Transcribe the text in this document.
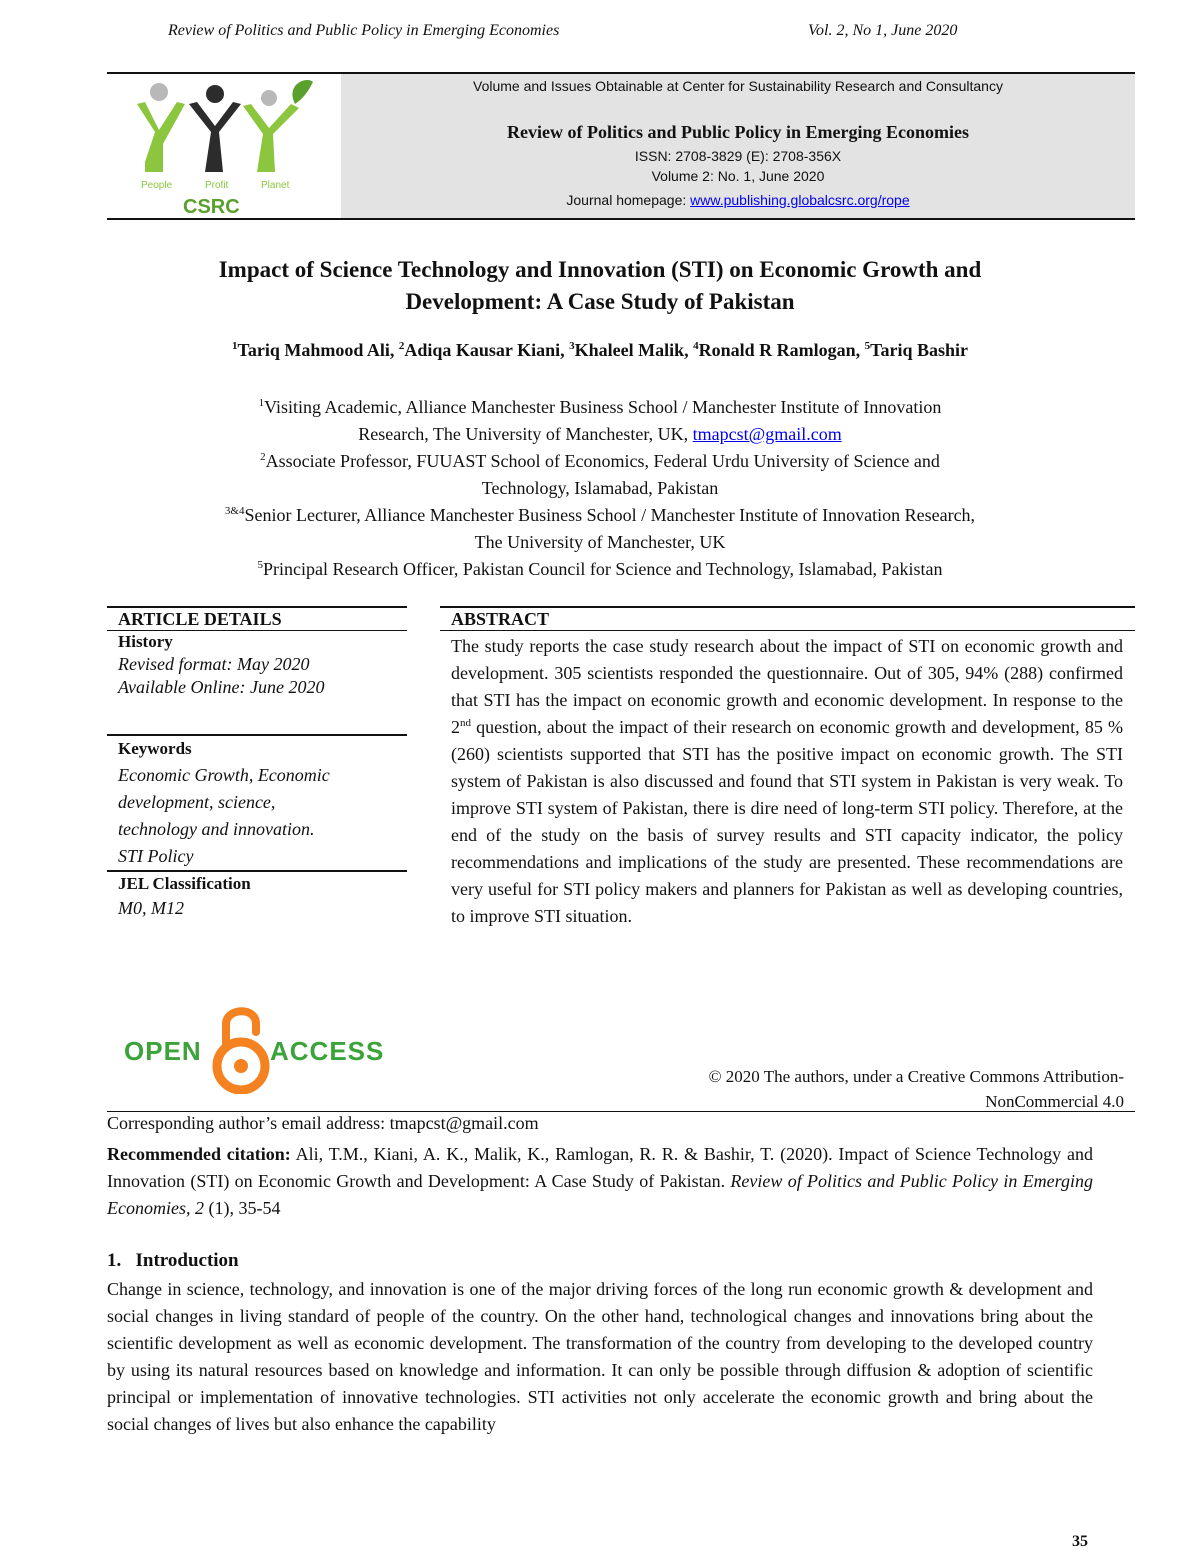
Review of Politics and Public Policy in Emerging Economies	Vol. 2, No 1, June 2020
People	Profit	Planet
CSRC
Volume and Issues Obtainable at Center for Sustainability Research and Consultancy
Review of Politics and Public Policy in Emerging Economies
ISSN: 2708-3829 (E): 2708-356X
Volume 2: No. 1, June 2020
Journal homepage: www.publishing.globalcsrc.org/rope
Impact of Science Technology and Innovation (STI) on Economic Growth and
Development: A Case Study of Pakistan
$^1$Tariq Mahmood Ali, $^2$Adiqa Kausar Kiani, $^3$Khaleel Malik, $^4$Ronald R Ramlogan, $^5$Tariq Bashir
$^1$Visiting Academic, Alliance Manchester Business School / Manchester Institute of Innovation
Research, The University of Manchester, UK, tmapcst@gmail.com
$^2$Associate Professor, FUUAST School of Economics, Federal Urdu University of Science and
Technology, Islamabad, Pakistan
$^{3\&4}$Senior Lecturer, Alliance Manchester Business School / Manchester Institute of Innovation Research,
The University of Manchester, UK
$^5$Principal Research Officer, Pakistan Council for Science and Technology, Islamabad, Pakistan
ARTICLE DETAILS
History
Revised format: May 2020
Available Online: June 2020
Keywords
Economic Growth, Economic
development, science,
technology and innovation.
STI Policy
JEL Classification
M0, M12
ABSTRACT
The study reports the case study research about the impact of STI on economic growth and development. 305 scientists responded the questionnaire. Out of 305, 94% (288) confirmed that STI has the impact on economic growth and economic development. In response to the 2nd question, about the impact of their research on economic growth and development, 85 %(260) scientists supported that STI has the positive impact on economic growth. The STI system of Pakistan is also discussed and found that STI system in Pakistan is very weak. To improve STI system of Pakistan, there is dire need of long-term STI policy. Therefore, at the end of the study on the basis of survey results and STI capacity indicator, the policy recommendations and implications of the study are presented. These recommendations are very useful for STI policy makers and planners for Pakistan as well as developing countries, to improve STI situation.
OPEN	ACCESS
© 2020 The authors, under a Creative Commons Attribution-
NonCommercial 4.0
Corresponding author’s email address: tmapcst@gmail.com
Recommended citation: Ali, T.M., Kiani, A. K., Malik, K., Ramlogan, R. R. & Bashir, T. (2020). Impact of Science Technology and Innovation (STI) on Economic Growth and Development: A Case Study of Pakistan. Review of Politics and Public Policy in Emerging Economies, 2 (1), 35-54
1.   Introduction
Change in science, technology, and innovation is one of the major driving forces of the long run economic growth & development and social changes in living standard of people of the country. On the other hand, technological changes and innovations bring about the scientific development as well as economic development. The transformation of the country from developing to the developed country by using its natural resources based on knowledge and information. It can only be possible through diffusion & adoption of scientific principal or implementation of innovative technologies. STI activities not only accelerate the economic growth and bring about the social changes of lives but also enhance the capability
35
